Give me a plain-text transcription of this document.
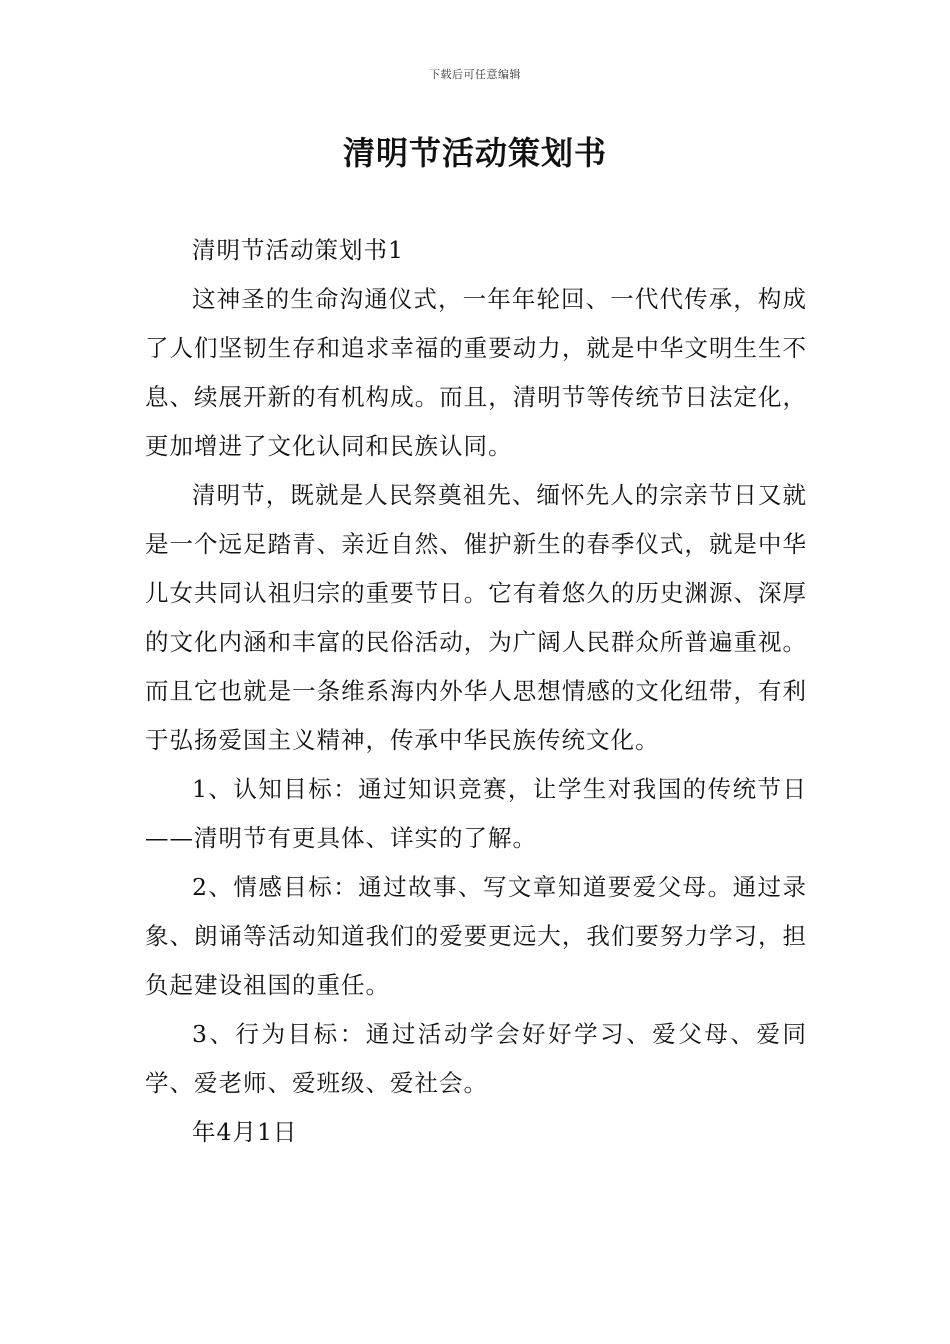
下载后可任意编辑
清明节活动策划书

清明节活动策划书1

这神圣的生命沟通仪式，一年年轮回、一代代传承，构成了人们坚韧生存和追求幸福的重要动力，就是中华文明生生不息、续展开新的有机构成。而且，清明节等传统节日法定化，更加增进了文化认同和民族认同。

清明节，既就是人民祭奠祖先、缅怀先人的宗亲节日又就是一个远足踏青、亲近自然、催护新生的春季仪式，就是中华儿女共同认祖归宗的重要节日。它有着悠久的历史渊源、深厚的文化内涵和丰富的民俗活动，为广阔人民群众所普遍重视。而且它也就是一条维系海内外华人思想情感的文化纽带，有利于弘扬爱国主义精神，传承中华民族传统文化。

1、认知目标：通过知识竞赛，让学生对我国的传统节日——清明节有更具体、详实的了解。

2、情感目标：通过故事、写文章知道要爱父母。通过录象、朗诵等活动知道我们的爱要更远大，我们要努力学习，担负起建设祖国的重任。

3、行为目标：通过活动学会好好学习、爱父母、爱同学、爱老师、爱班级、爱社会。

年4月1日
